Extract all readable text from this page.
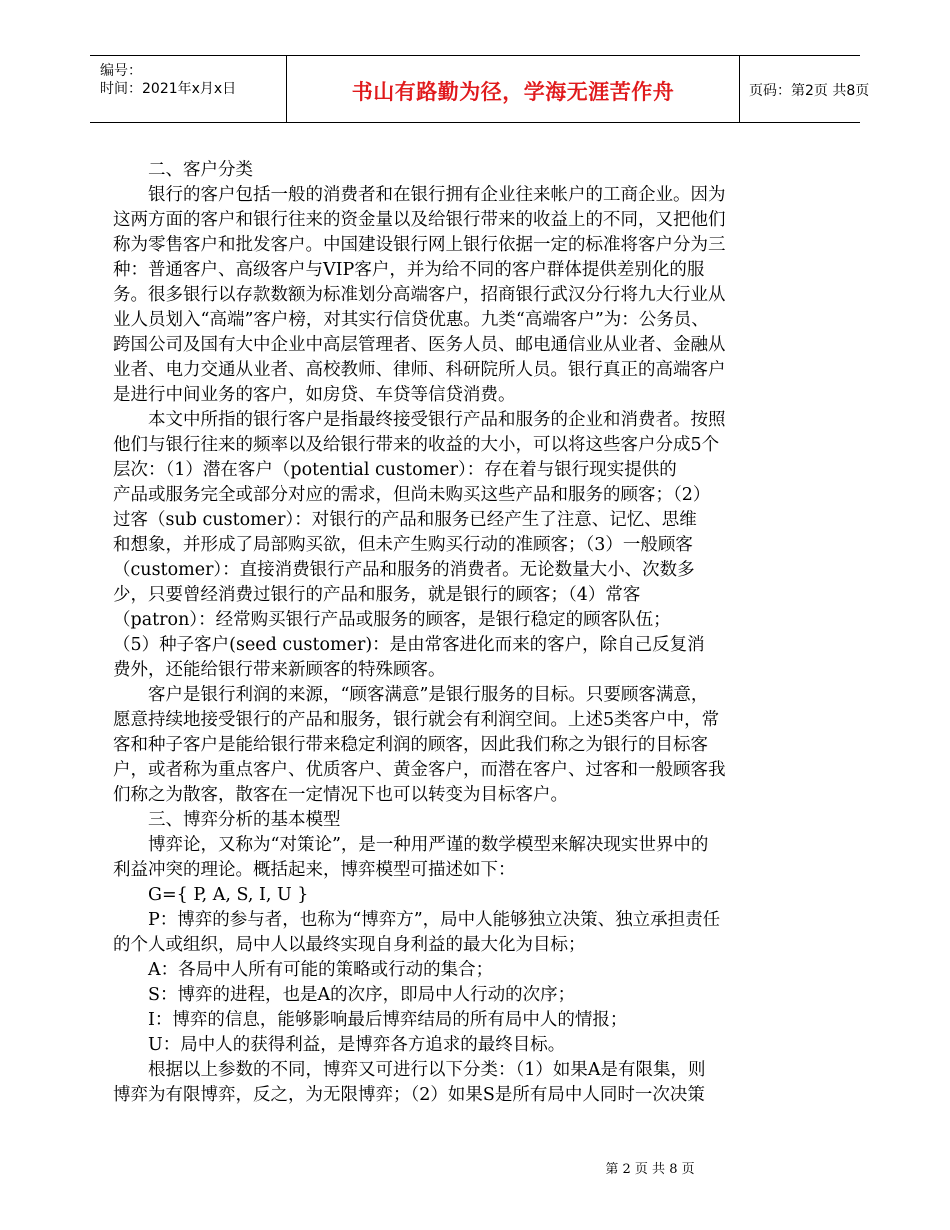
编号：
时间：2021年x月x日	书山有路勤为径，学海无涯苦作舟	页码：第2页 共8页
二、客户分类
银行的客户包括一般的消费者和在银行拥有企业往来帐户的工商企业。因为
这两方面的客户和银行往来的资金量以及给银行带来的收益上的不同，又把他们
称为零售客户和批发客户。中国建设银行网上银行依据一定的标准将客户分为三
种：普通客户、高级客户与VIP客户，并为给不同的客户群体提供差别化的服
务。很多银行以存款数额为标准划分高端客户，招商银行武汉分行将九大行业从
业人员划入“高端”客户榜，对其实行信贷优惠。九类“高端客户”为：公务员、
跨国公司及国有大中企业中高层管理者、医务人员、邮电通信业从业者、金融从
业者、电力交通从业者、高校教师、律师、科研院所人员。银行真正的高端客户
是进行中间业务的客户，如房贷、车贷等信贷消费。
本文中所指的银行客户是指最终接受银行产品和服务的企业和消费者。按照
他们与银行往来的频率以及给银行带来的收益的大小，可以将这些客户分成5个
层次：（1）潜在客户（potential customer）：存在着与银行现实提供的
产品或服务完全或部分对应的需求，但尚未购买这些产品和服务的顾客；（2）
过客（sub customer）：对银行的产品和服务已经产生了注意、记忆、思维
和想象，并形成了局部购买欲，但未产生购买行动的准顾客；（3）一般顾客
（customer）：直接消费银行产品和服务的消费者。无论数量大小、次数多
少，只要曾经消费过银行的产品和服务，就是银行的顾客；（4）常客
（patron）：经常购买银行产品或服务的顾客，是银行稳定的顾客队伍；
（5）种子客户(seed customer)：是由常客进化而来的客户，除自己反复消
费外，还能给银行带来新顾客的特殊顾客。
客户是银行利润的来源，“顾客满意”是银行服务的目标。只要顾客满意，
愿意持续地接受银行的产品和服务，银行就会有利润空间。上述5类客户中，常
客和种子客户是能给银行带来稳定利润的顾客，因此我们称之为银行的目标客
户，或者称为重点客户、优质客户、黄金客户，而潜在客户、过客和一般顾客我
们称之为散客，散客在一定情况下也可以转变为目标客户。
三、博弈分析的基本模型
博弈论，又称为“对策论”，是一种用严谨的数学模型来解决现实世界中的
利益冲突的理论。概括起来，博弈模型可描述如下：
G={ P, A, S, I, U }
P：博弈的参与者，也称为“博弈方”，局中人能够独立决策、独立承担责任
的个人或组织，局中人以最终实现自身利益的最大化为目标；
A：各局中人所有可能的策略或行动的集合；
S：博弈的进程，也是A的次序，即局中人行动的次序；
I：博弈的信息，能够影响最后博弈结局的所有局中人的情报；
U：局中人的获得利益，是博弈各方追求的最终目标。
根据以上参数的不同，博弈又可进行以下分类：（1）如果A是有限集，则
博弈为有限博弈，反之，为无限博弈；（2）如果S是所有局中人同时一次决策
第 2 页 共 8 页
